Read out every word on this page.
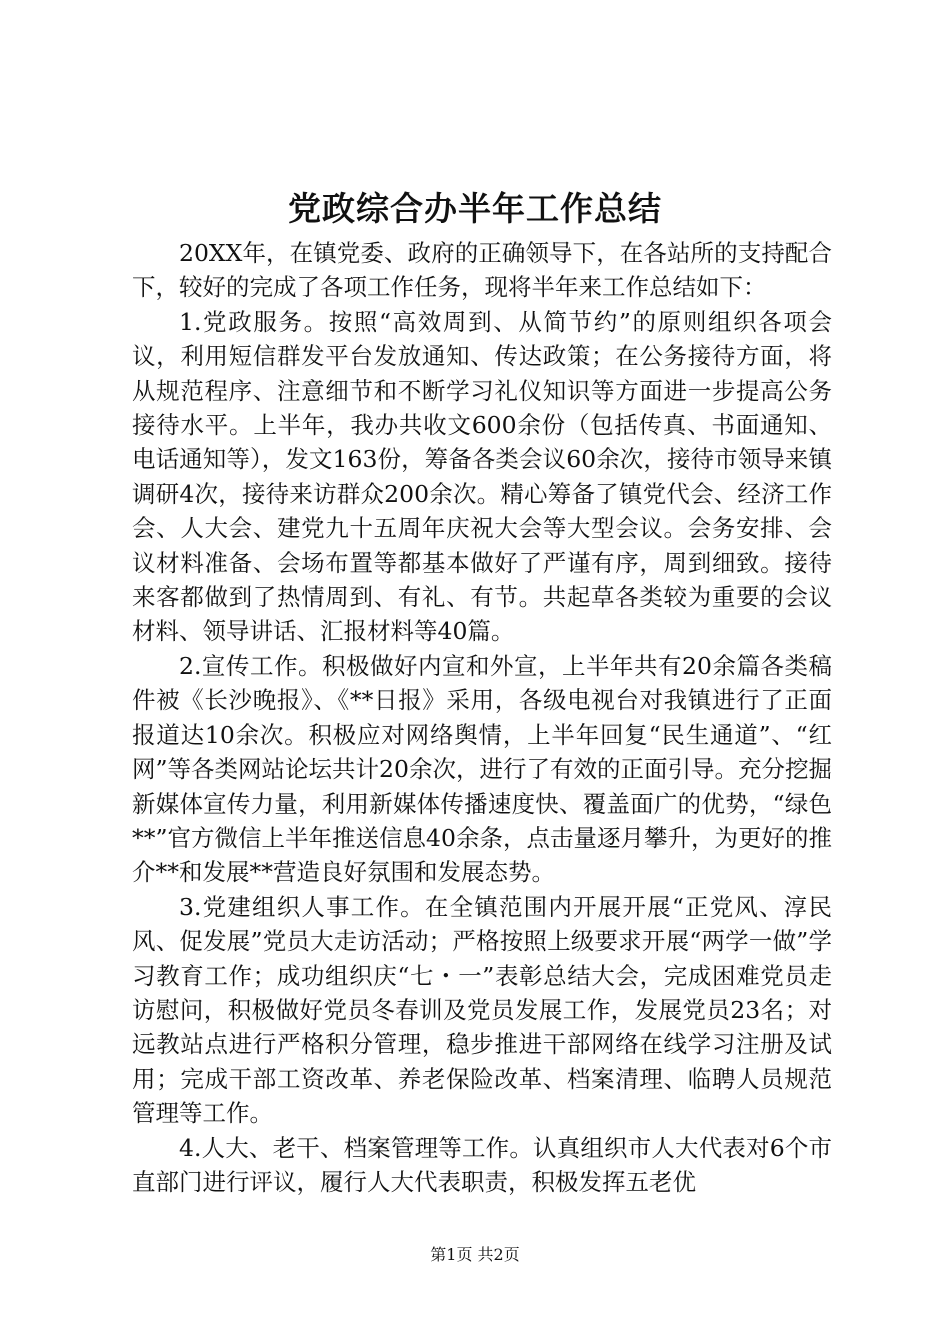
党政综合办半年工作总结

20XX年，在镇党委、政府的正确领导下，在各站所的支持配合下，较好的完成了各项工作任务，现将半年来工作总结如下：

1.党政服务。按照“高效周到、从简节约”的原则组织各项会议，利用短信群发平台发放通知、传达政策；在公务接待方面，将从规范程序、注意细节和不断学习礼仪知识等方面进一步提高公务接待水平。上半年，我办共收文600余份（包括传真、书面通知、电话通知等），发文163份，筹备各类会议60余次，接待市领导来镇调研4次，接待来访群众200余次。精心筹备了镇党代会、经济工作会、人大会、建党九十五周年庆祝大会等大型会议。会务安排、会议材料准备、会场布置等都基本做好了严谨有序，周到细致。接待来客都做到了热情周到、有礼、有节。共起草各类较为重要的会议材料、领导讲话、汇报材料等40篇。

2.宣传工作。积极做好内宣和外宣，上半年共有20余篇各类稿件被《长沙晚报》、《**日报》采用，各级电视台对我镇进行了正面报道达10余次。积极应对网络舆情，上半年回复“民生通道”、“红网”等各类网站论坛共计20余次，进行了有效的正面引导。充分挖掘新媒体宣传力量，利用新媒体传播速度快、覆盖面广的优势，“绿色**”官方微信上半年推送信息40余条，点击量逐月攀升，为更好的推介**和发展**营造良好氛围和发展态势。

3.党建组织人事工作。在全镇范围内开展开展“正党风、淳民风、促发展”党员大走访活动；严格按照上级要求开展“两学一做”学习教育工作；成功组织庆“七・一”表彰总结大会，完成困难党员走访慰问，积极做好党员冬春训及党员发展工作，发展党员23名；对远教站点进行严格积分管理，稳步推进干部网络在线学习注册及试用；完成干部工资改革、养老保险改革、档案清理、临聘人员规范管理等工作。

4.人大、老干、档案管理等工作。认真组织市人大代表对6个市直部门进行评议，履行人大代表职责，积极发挥五老优

第1页 共2页
